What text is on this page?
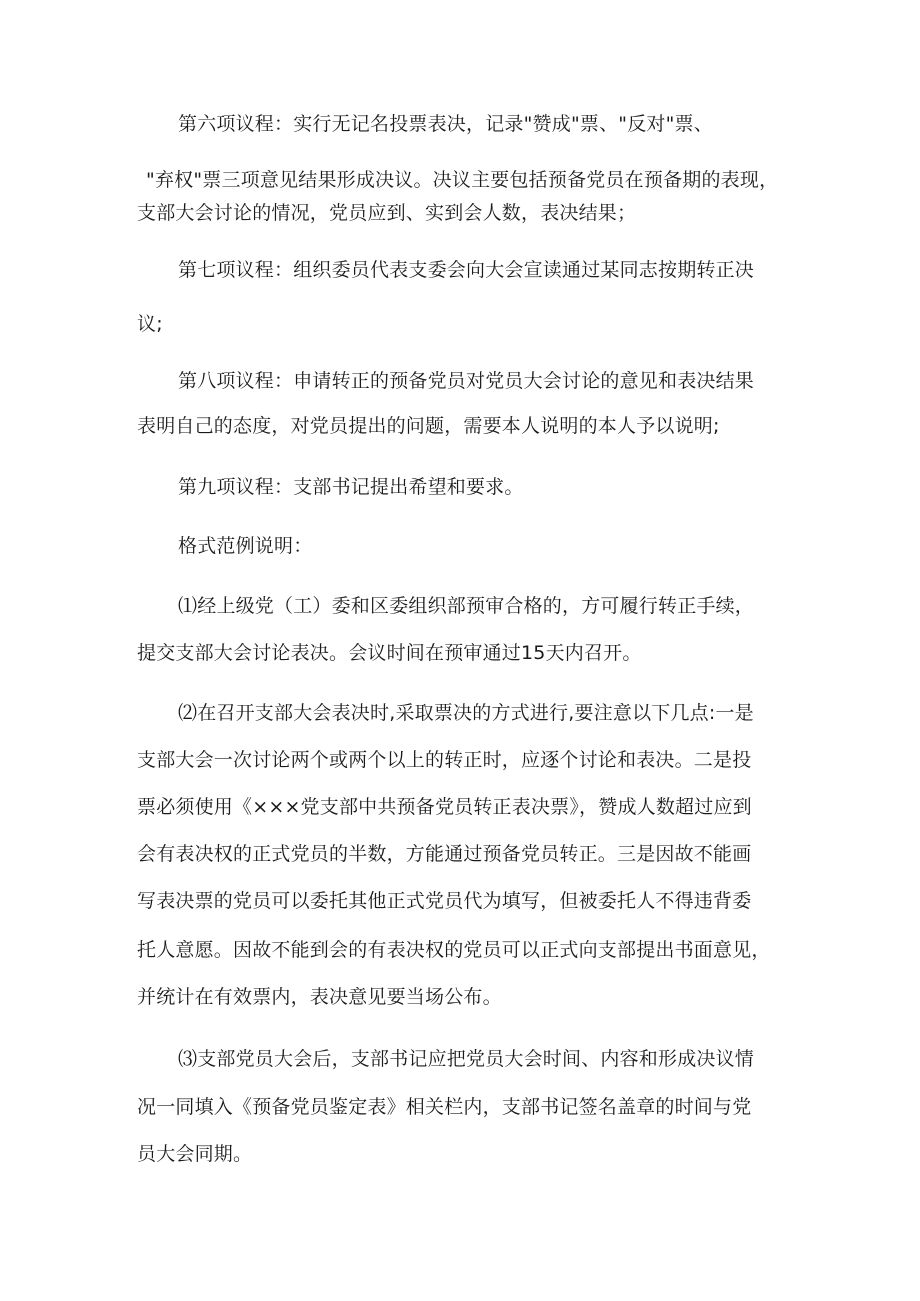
第六项议程：实行无记名投票表决，记录"赞成"票、"反对"票、
"弃权"票三项意见结果形成决议。决议主要包括预备党员在预备期的表现，
支部大会讨论的情况，党员应到、实到会人数，表决结果；
第七项议程：组织委员代表支委会向大会宣读通过某同志按期转正决
议;
第八项议程：申请转正的预备党员对党员大会讨论的意见和表决结果
表明自己的态度，对党员提出的问题，需要本人说明的本人予以说明;
第九项议程：支部书记提出希望和要求。
格式范例说明：
⑴经上级党（工）委和区委组织部预审合格的，方可履行转正手续，
提交支部大会讨论表决。会议时间在预审通过15天内召开。
⑵在召开支部大会表决时,采取票决的方式进行,要注意以下几点:一是
支部大会一次讨论两个或两个以上的转正时，应逐个讨论和表决。二是投
票必须使用《×××党支部中共预备党员转正表决票》，赞成人数超过应到
会有表决权的正式党员的半数，方能通过预备党员转正。三是因故不能画
写表决票的党员可以委托其他正式党员代为填写，但被委托人不得违背委
托人意愿。因故不能到会的有表决权的党员可以正式向支部提出书面意见，
并统计在有效票内，表决意见要当场公布。
⑶支部党员大会后，支部书记应把党员大会时间、内容和形成决议情
况一同填入《预备党员鉴定表》相关栏内，支部书记签名盖章的时间与党
员大会同期。
